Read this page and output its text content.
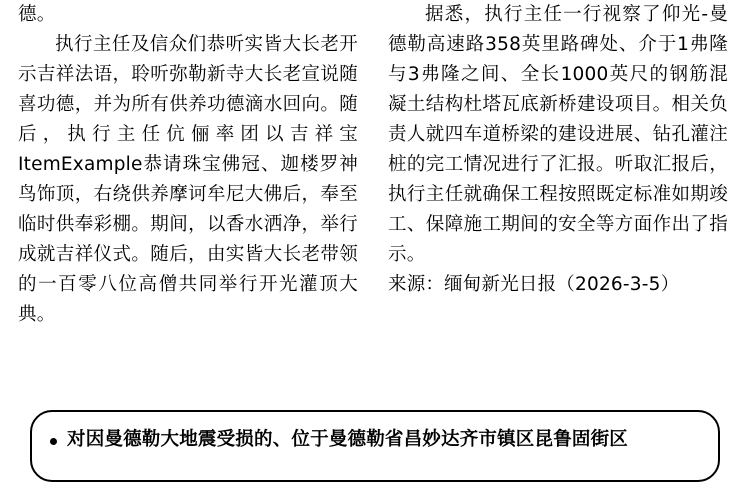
德。

执行主任及信众们恭听实皆大长老开示吉祥法语，聆听弥勒新寺大长老宣说随喜功德，并为所有供养功德滴水回向。随后，执行主任伉俪率团以吉祥宝ItemExample恭请珠宝佛冠、迦楼罗神鸟饰顶，右绕供养摩诃牟尼大佛后，奉至临时供奉彩棚。期间，以香水洒净，举行成就吉祥仪式。随后，由实皆大长老带领的一百零八位高僧共同举行开光灌顶大典。

据悉，执行主任一行视察了仰光-曼德勒高速路358英里路碑处、介于1弗隆与3弗隆之间、全长1000英尺的钢筋混凝土结构杜塔瓦底新桥建设项目。相关负责人就四车道桥梁的建设进展、钻孔灌注桩的完工情况进行了汇报。听取汇报后，执行主任就确保工程按照既定标准如期竣工、保障施工期间的安全等方面作出了指示。

来源：缅甸新光日报（2026-3-5）

对因曼德勒大地震受损的、位于曼德勒省昌妙达齐市镇区昆鲁固街区
